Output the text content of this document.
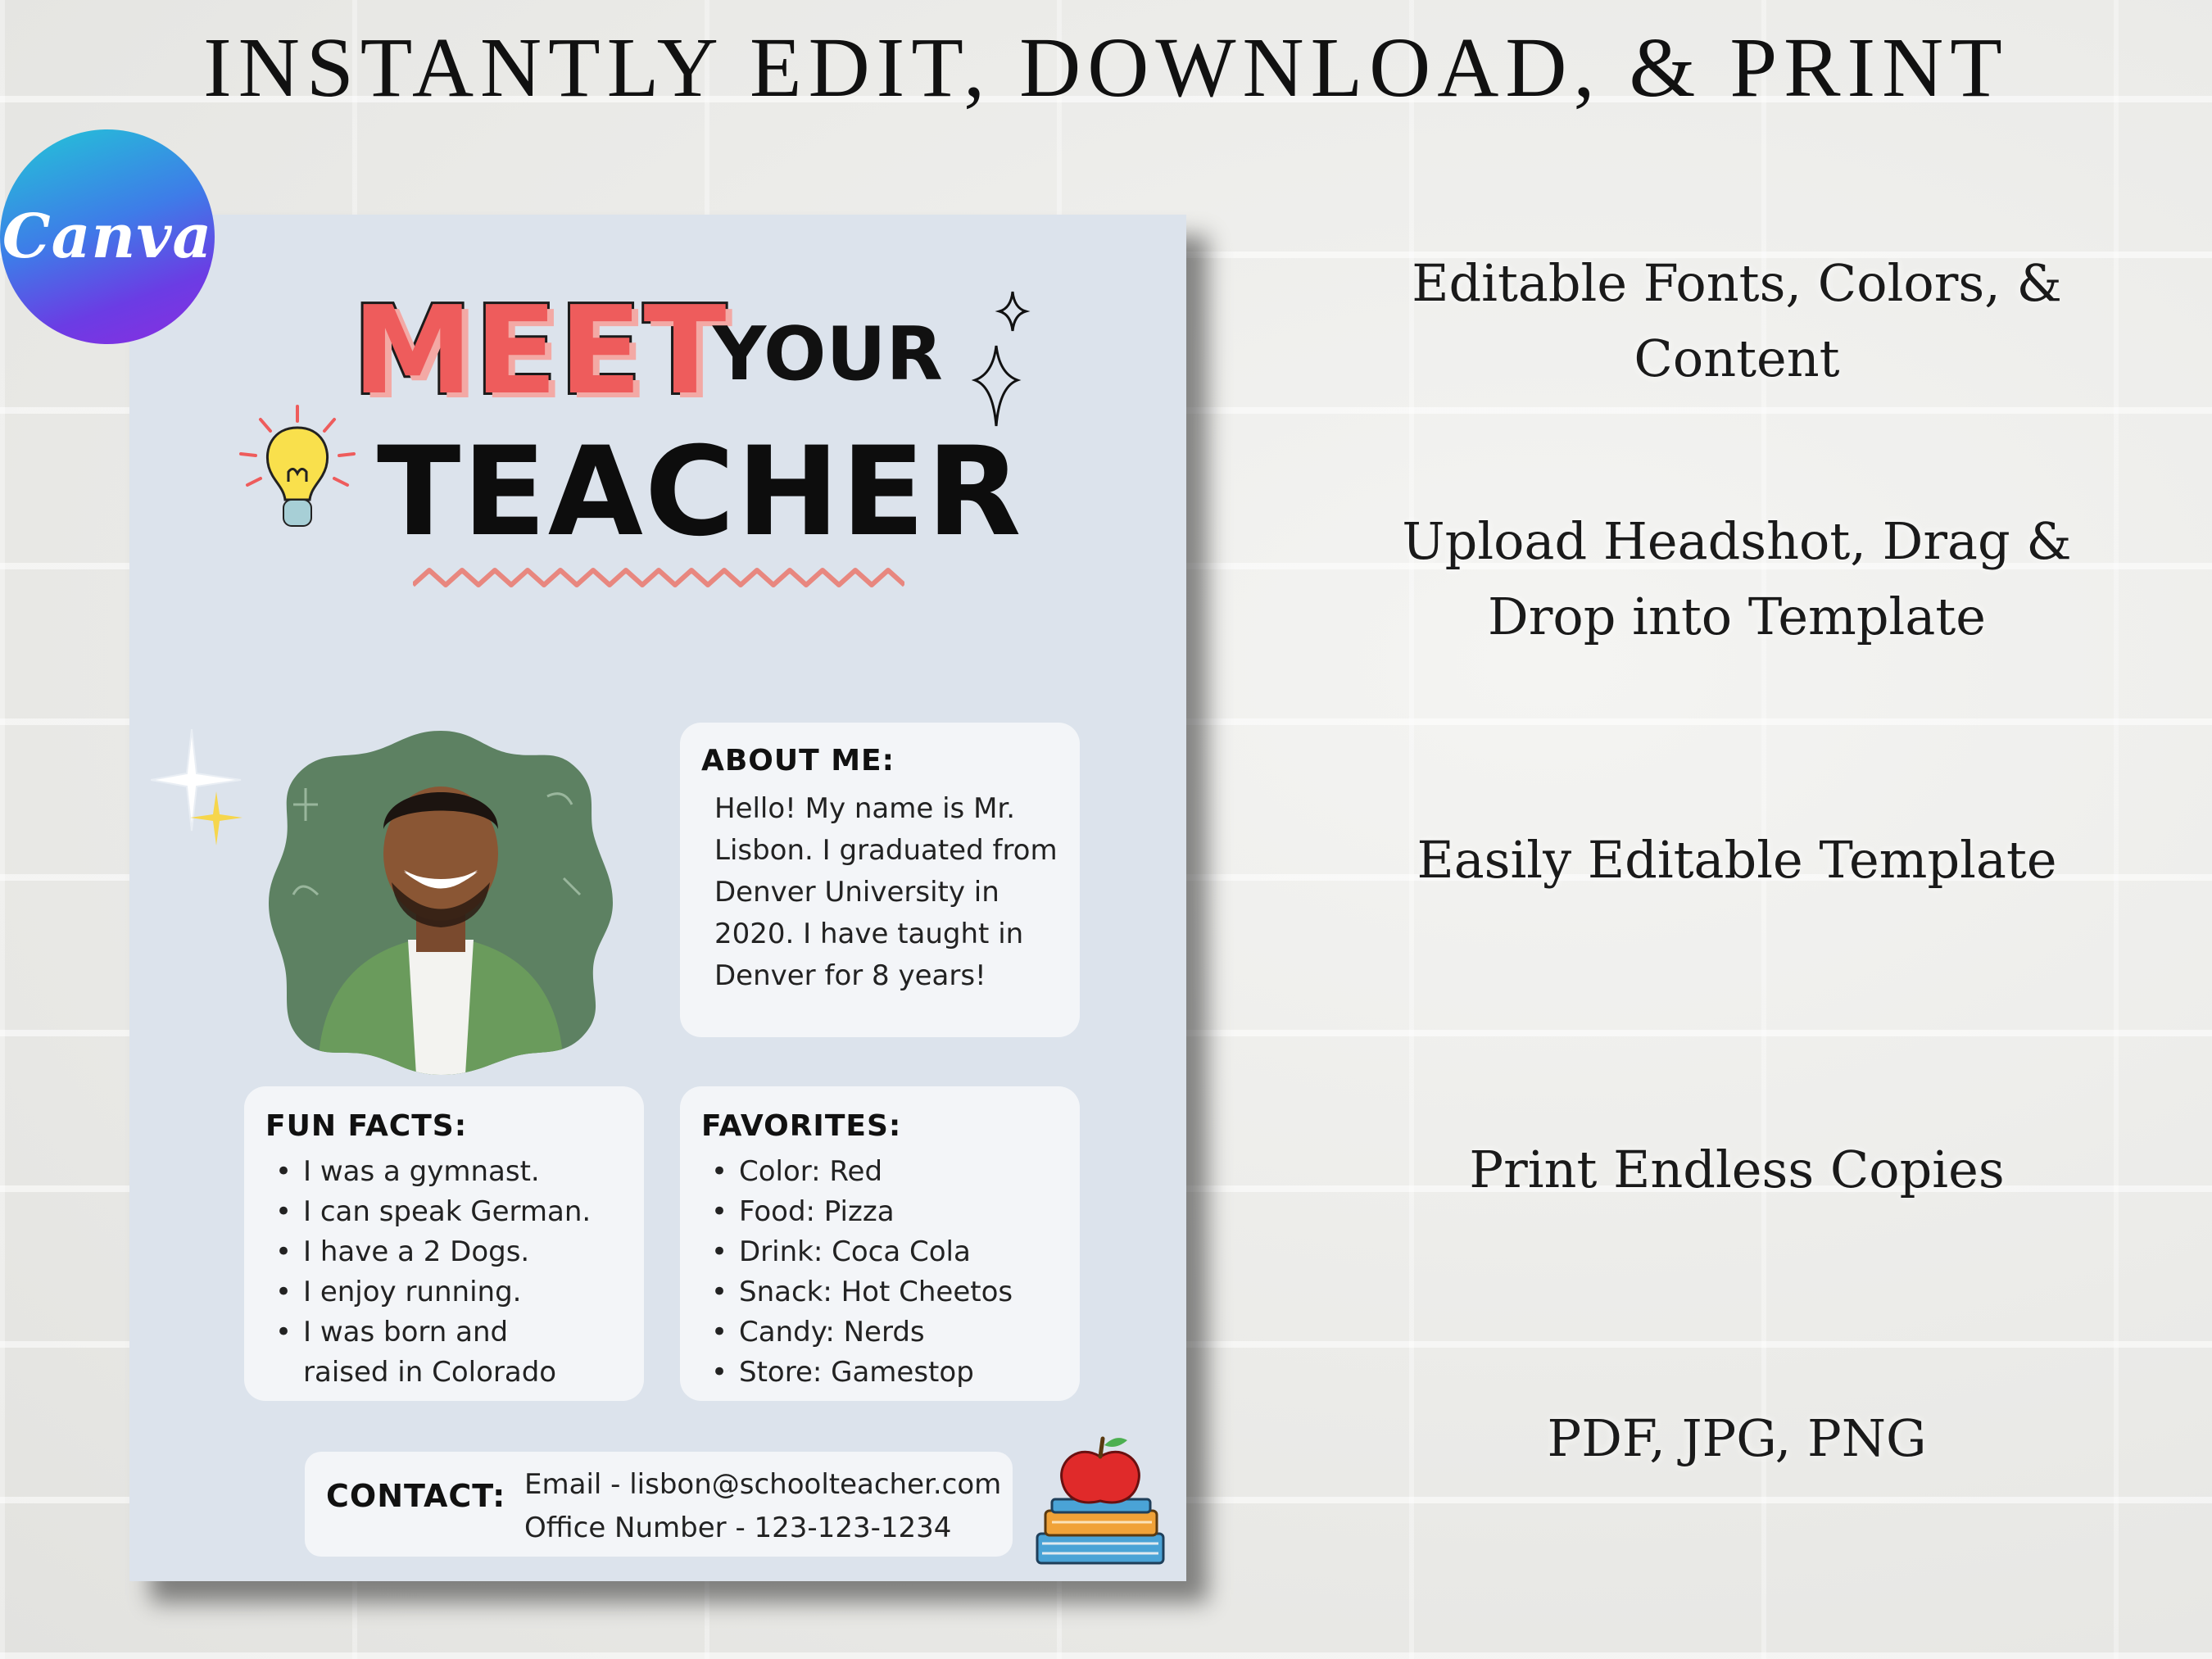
INSTANTLY EDIT, DOWNLOAD, & PRINT
Canva
MEET
YOUR
TEACHER
ABOUT ME:

Hello! My name is Mr.
Lisbon. I graduated from
Denver University in
2020. I have taught in
Denver for 8 years!

FUN FACTS:
• I was a gymnast.
• I can speak German.
• I have a 2 Dogs.
• I enjoy running.
• I was born and raised in Colorado
FAVORITES:
• Color: Red
• Food: Pizza
• Drink: Coca Cola
• Snack: Hot Cheetos
• Candy: Nerds
• Store: Gamestop
CONTACT: Email - lisbon@schoolteacher.com

Office Number - 123-123-1234

Editable Fonts, Colors, &
Content
Upload Headshot, Drag &
Drop into Template
Easily Editable Template
Print Endless Copies
PDF, JPG, PNG
